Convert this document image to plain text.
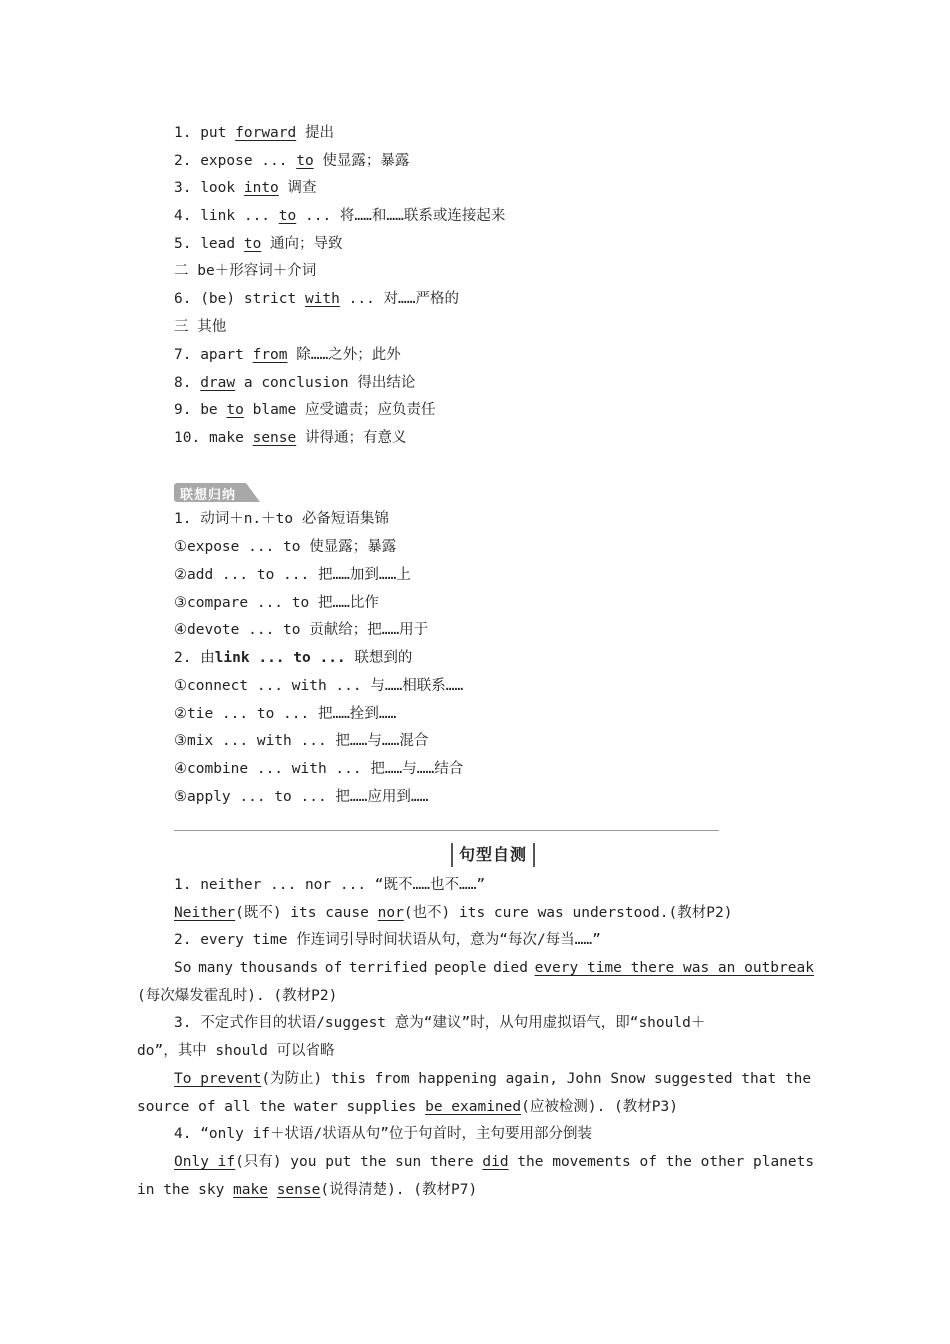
1. put forward 提出
2. expose ... to 使显露；暴露
3. look into 调查
4. link ... to ... 将……和……联系或连接起来
5. lead to 通向；导致
二 be＋形容词＋介词
6. (be) strict with ... 对……严格的
三 其他
7. apart from 除……之外；此外
8. draw a conclusion 得出结论
9. be to blame 应受谴责；应负责任
10. make sense 讲得通；有意义
联想归纳
1. 动词＋n.＋to 必备短语集锦
①expose ... to 使显露；暴露
②add ... to ... 把……加到……上
③compare ... to 把……比作
④devote ... to 贡献给；把……用于
2. 由link ... to ... 联想到的
①connect ... with ... 与……相联系……
②tie ... to ... 把……拴到……
③mix ... with ... 把……与……混合
④combine ... with ... 把……与……结合
⑤apply ... to ... 把……应用到……
句型自测
1. neither ... nor ... “既不……也不……”
Neither(既不) its cause nor(也不) its cure was understood.(教材P2)
2. every time 作连词引导时间状语从句，意为“每次/每当……”
So many thousands of terrified people died every time there was an outbreak
(每次爆发霍乱时). (教材P2)
3. 不定式作目的状语/suggest 意为“建议”时，从句用虚拟语气，即“should＋
do”，其中 should 可以省略
To prevent(为防止) this from happening again, John Snow suggested that the
source of all the water supplies be examined(应被检测). (教材P3)
4. “only if＋状语/状语从句”位于句首时，主句要用部分倒装
Only if(只有) you put the sun there did the movements of the other planets
in the sky make sense(说得清楚). (教材P7)
